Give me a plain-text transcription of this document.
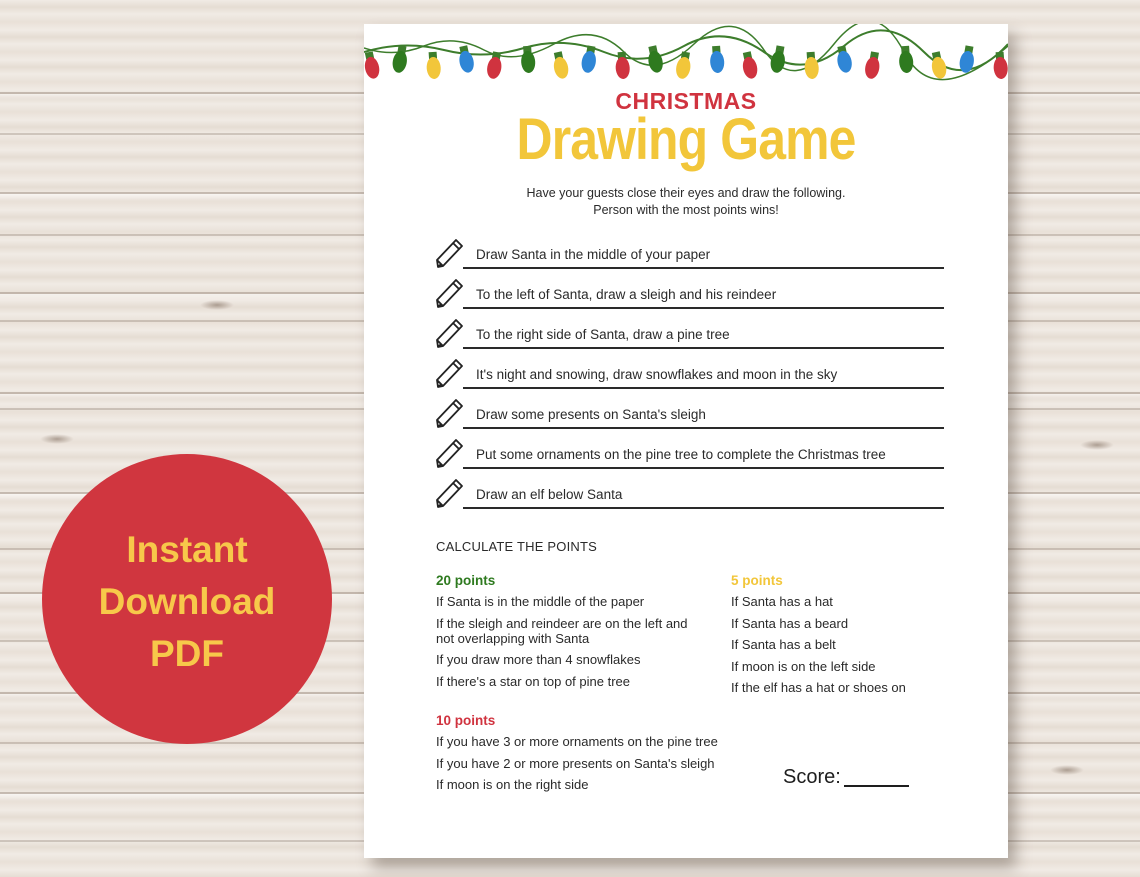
CHRISTMAS
Drawing Game
Have your guests close their eyes and draw the following.
Person with the most points wins!
Draw Santa in the middle of your paper
To the left of Santa, draw a sleigh and his reindeer
To the right side of Santa, draw a pine tree
It's night and snowing, draw snowflakes and moon in the sky
Draw some presents on Santa's sleigh
Put some ornaments on the pine tree to complete the Christmas tree
Draw an elf below Santa
CALCULATE THE POINTS
20 points
If Santa is in the middle of the paper
If the sleigh and reindeer are on the left and not overlapping with Santa
If you draw more than 4 snowflakes
If there's a star on top of pine tree
5 points
If Santa has a hat
If Santa has a beard
If Santa has a belt
If moon is on the left side
If the elf has a hat or shoes on
10 points
If you have 3 or more ornaments on the pine tree
If you have 2 or more presents on Santa's sleigh
If moon is on the right side	Score:
Instant
Download
PDF
